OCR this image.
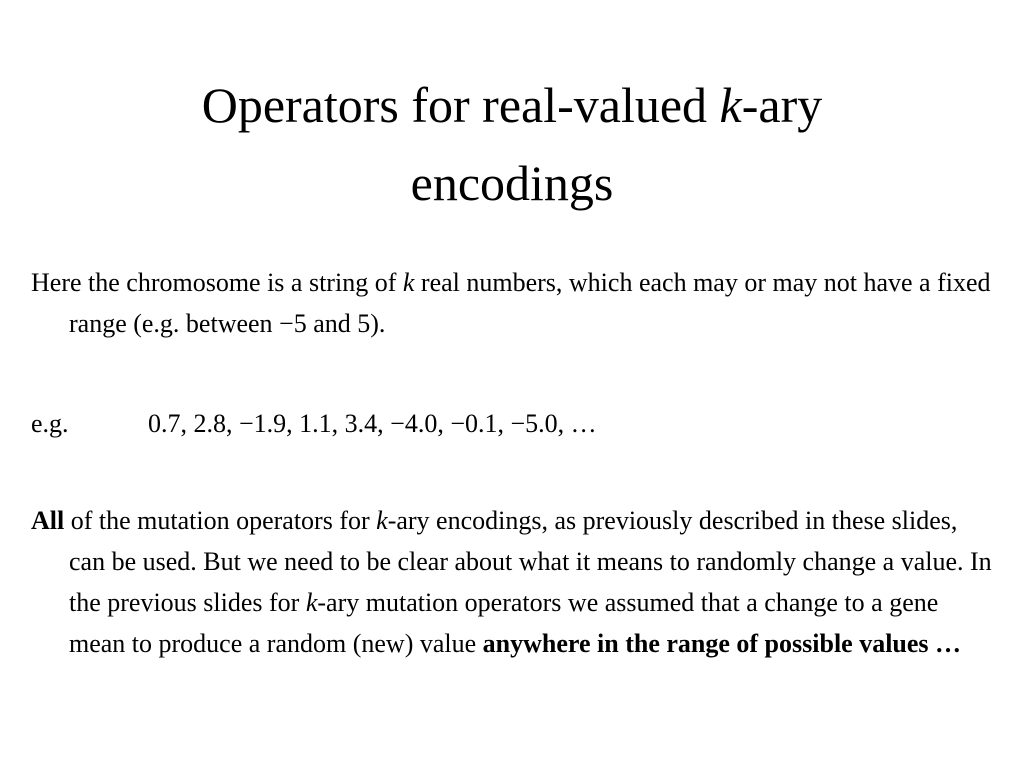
Operators for real-valued k-ary
encodings

Here the chromosome is a string of k real numbers, which each may or may not have a fixed range (e.g. between −5 and 5).

e.g.	0.7, 2.8, −1.9, 1.1, 3.4, −4.0, −0.1, −5.0, …

All of the mutation operators for k-ary encodings, as previously described in these slides, can be used. But we need to be clear about what it means to randomly change a value. In the previous slides for k-ary mutation operators we assumed that a change to a gene mean to produce a random (new) value anywhere in the range of possible values …
